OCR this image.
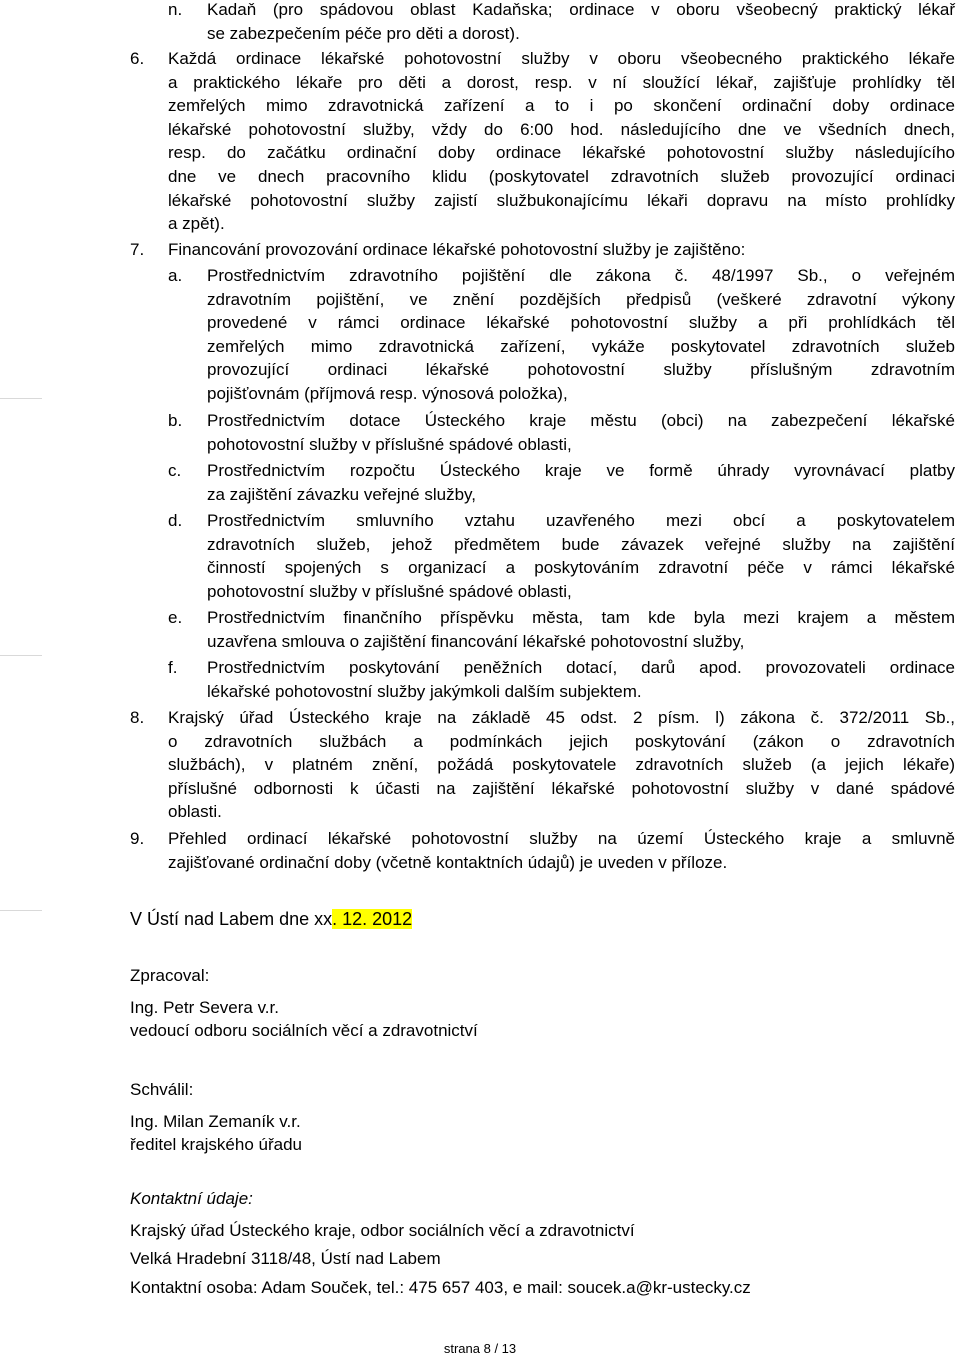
n. Kadaň (pro spádovou oblast Kadaňska; ordinace v oboru všeobecný praktický lékař
se zabezpečením péče pro děti a dorost).
6. Každá ordinace lékařské pohotovostní služby v oboru všeobecného praktického lékaře
a praktického lékaře pro děti a dorost, resp. v ní sloužící lékař, zajišťuje prohlídky těl
zemřelých mimo zdravotnická zařízení a to i po skončení ordinační doby ordinace
lékařské pohotovostní služby, vždy do 6:00 hod. následujícího dne ve všedních dnech,
resp. do začátku ordinační doby ordinace lékařské pohotovostní služby následujícího
dne ve dnech pracovního klidu (poskytovatel zdravotních služeb provozující ordinaci
lékařské pohotovostní služby zajistí službukonajícímu lékaři dopravu na místo prohlídky
a zpět).
7. Financování provozování ordinace lékařské pohotovostní služby je zajištěno:
a. Prostřednictvím zdravotního pojištění dle zákona č. 48/1997 Sb., o veřejném
zdravotním pojištění, ve znění pozdějších předpisů (veškeré zdravotní výkony
provedené v rámci ordinace lékařské pohotovostní služby a při prohlídkách těl
zemřelých mimo zdravotnická zařízení, vykáže poskytovatel zdravotních služeb
provozující ordinaci lékařské pohotovostní služby příslušným zdravotním
pojišťovnám (příjmová resp. výnosová položka),
b. Prostřednictvím dotace Ústeckého kraje městu (obci) na zabezpečení lékařské
pohotovostní služby v příslušné spádové oblasti,
c. Prostřednictvím rozpočtu Ústeckého kraje ve formě úhrady vyrovnávací platby
za zajištění závazku veřejné služby,
d. Prostřednictvím smluvního vztahu uzavřeného mezi obcí a poskytovatelem
zdravotních služeb, jehož předmětem bude závazek veřejné služby na zajištění
činností spojených s organizací a poskytováním zdravotní péče v rámci lékařské
pohotovostní služby v příslušné spádové oblasti,
e. Prostřednictvím finančního příspěvku města, tam kde byla mezi krajem a městem
uzavřena smlouva o zajištění financování lékařské pohotovostní služby,
f. Prostřednictvím poskytování peněžních dotací, darů apod. provozovateli ordinace
lékařské pohotovostní služby jakýmkoli dalším subjektem.
8. Krajský úřad Ústeckého kraje na základě 45 odst. 2 písm. l) zákona č. 372/2011 Sb.,
o zdravotních službách a podmínkách jejich poskytování (zákon o zdravotních
službách), v platném znění, požádá poskytovatele zdravotních služeb (a jejich lékaře)
příslušné odbornosti k účasti na zajištění lékařské pohotovostní služby v dané spádové
oblasti.
9. Přehled ordinací lékařské pohotovostní služby na území Ústeckého kraje a smluvně
zajišťované ordinační doby (včetně kontaktních údajů) je uveden v příloze.
V Ústí nad Labem dne xx. 12. 2012
Zpracoval:
Ing. Petr Severa v.r.
vedoucí odboru sociálních věcí a zdravotnictví
Schválil:
Ing. Milan Zemaník v.r.
ředitel krajského úřadu
Kontaktní údaje:
Krajský úřad Ústeckého kraje, odbor sociálních věcí a zdravotnictví
Velká Hradební 3118/48, Ústí nad Labem
Kontaktní osoba: Adam Souček, tel.: 475 657 403, e mail: soucek.a@kr-ustecky.cz
strana 8 / 13
